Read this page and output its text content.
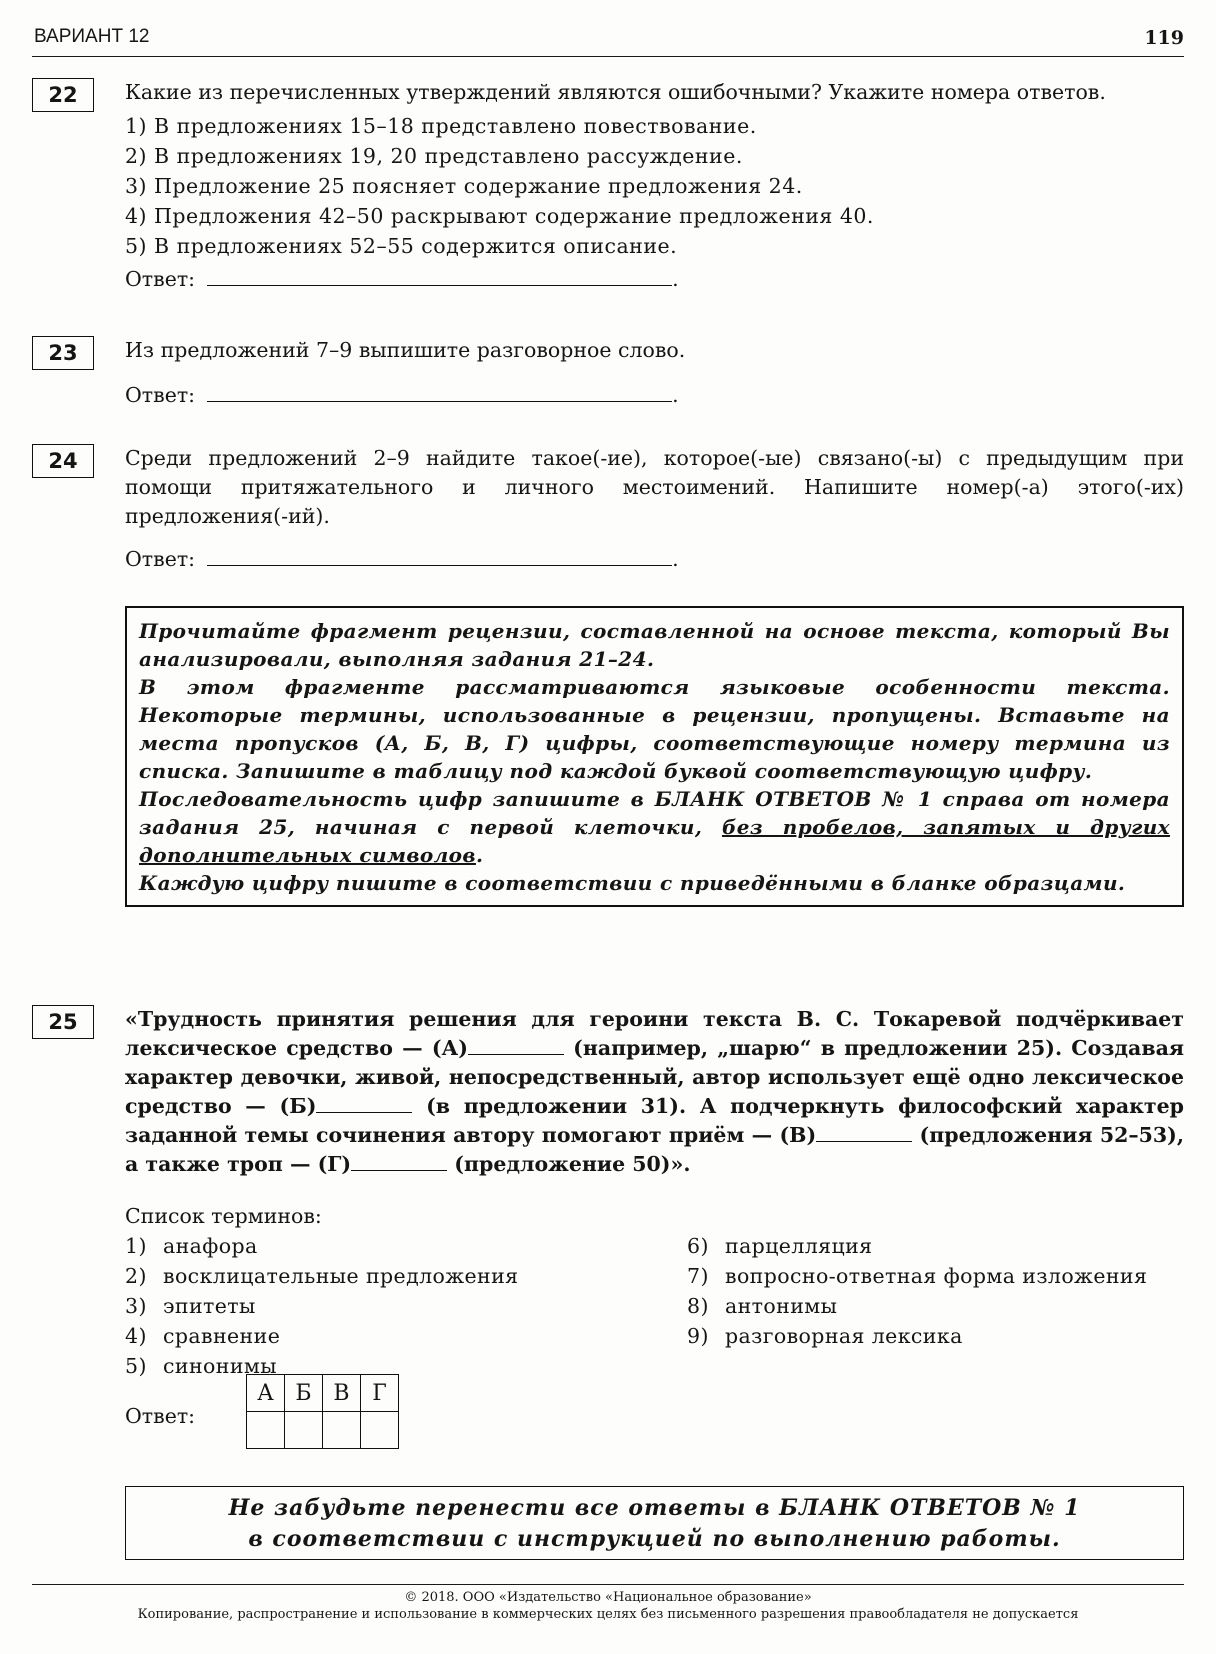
ВАРИАНТ 12	119
22	Какие из перечисленных утверждений являются ошибочными? Укажите номера ответов.

1) В предложениях 15–18 представлено повествование.
2) В предложениях 19, 20 представлено рассуждение.
3) Предложение 25 поясняет содержание предложения 24.
4) Предложения 42–50 раскрывают содержание предложения 40.
5) В предложениях 52–55 содержится описание.
Ответ:	.
23	Из предложений 7–9 выпишите разговорное слово.

Ответ:	.
24	Среди предложений 2–9 найдите такое(-ие), которое(-ые) связано(-ы) с предыдущим при помощи притяжательного и личного местоимений. Напишите номер(-а) этого(-их) предложения(-ий).

Ответ:	.

Прочитайте фрагмент рецензии, составленной на основе текста, который Вы анализировали, выполняя задания 21–24.

В этом фрагменте рассматриваются языковые особенности текста. Некоторые термины, использованные в рецензии, пропущены. Вставьте на места пропусков (А, Б, В, Г) цифры, соответствующие номеру термина из списка. Запишите в таблицу под каждой буквой соответствующую цифру.

Последовательность цифр запишите в БЛАНК ОТВЕТОВ № 1 справа от номера задания 25, начиная с первой клеточки, без пробелов, запятых и других дополнительных символов.

Каждую цифру пишите в соответствии с приведёнными в бланке образцами.

25	«Трудность принятия решения для героини текста В. С. Токаревой подчёркивает лексическое средство — (А)	(например, „шарю“ в предложении 25). Создавая характер девочки, живой, непосредственный, автор использует ещё одно лексическое средство — (Б)	(в предложении 31). А подчеркнуть философский характер заданной темы сочинения автору помогают приём — (В)	(предложения 52–53), а также троп — (Г)	(предложение 50)».

Список терминов:
1) анафора
2) восклицательные предложения
3) эпитеты
4) сравнение
5) синонимы
6) парцелляция
7) вопросно-ответная форма изложения
8) антонимы
9) разговорная лексика
Ответ:
А	Б	В	Г

Не забудьте перенести все ответы в БЛАНК ОТВЕТОВ № 1

в соответствии с инструкцией по выполнению работы.

© 2018. ООО «Издательство «Национальное образование»

Копирование, распространение и использование в коммерческих целях без письменного разрешения правообладателя не допускается
